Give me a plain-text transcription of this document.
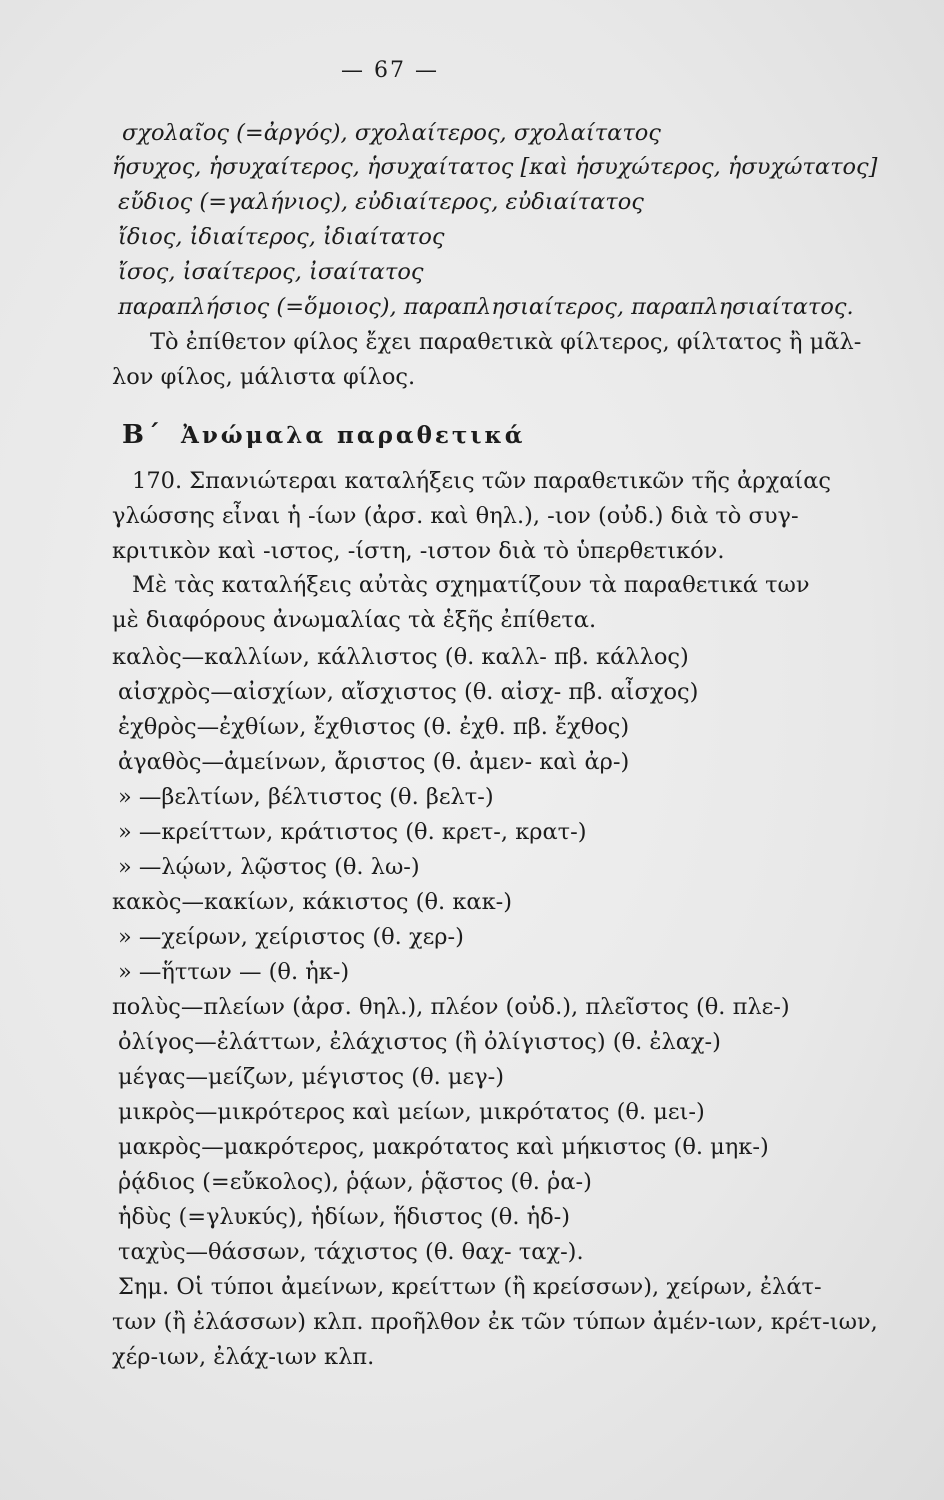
— 67 —
σχολαῖος (=ἀργός), σχολαίτερος, σχολαίτατος
ἥσυχος, ἡσυχαίτερος, ἡσυχαίτατος [καὶ ἡσυχώτερος, ἡσυχώτατος]
εὔδιος (=γαλήνιος), εὐδιαίτερος, εὐδιαίτατος
ἴδιος, ἰδιαίτερος, ἰδιαίτατος
ἴσος, ἰσαίτερος, ἰσαίτατος
παραπλήσιος (=ὅμοιος), παραπλησιαίτερος, παραπλησιαίτατος.
Τὸ ἐπίθετον φίλος ἔχει παραθετικὰ φίλτερος, φίλτατος ἢ μᾶλ-
λον φίλος, μάλιστα φίλος.
Β΄ Ἀνώμαλα παραθετικά
170. Σπανιώτεραι καταλήξεις τῶν παραθετικῶν τῆς ἀρχαίας
γλώσσης εἶναι ἡ -ίων (ἀρσ. καὶ θηλ.), -ιον (οὐδ.) διὰ τὸ συγ-
κριτικὸν καὶ -ιστος, -ίστη, -ιστον διὰ τὸ ὑπερθετικόν.
Μὲ τὰς καταλήξεις αὐτὰς σχηματίζουν τὰ παραθετικά των
μὲ διαφόρους ἀνωμαλίας τὰ ἑξῆς ἐπίθετα.
καλὸς—καλλίων, κάλλιστος (θ. καλλ- πβ. κάλλος)
αἰσχρὸς—αἰσχίων, αἴσχιστος (θ. αἰσχ- πβ. αἶσχος)
ἐχθρὸς—ἐχθίων, ἔχθιστος (θ. ἐχθ. πβ. ἔχθος)
ἀγαθὸς—ἀμείνων, ἄριστος (θ. ἀμεν- καὶ ἀρ-)
» —βελτίων, βέλτιστος (θ. βελτ-)
» —κρείττων, κράτιστος (θ. κρετ-, κρατ-)
» —λῴων, λῷστος (θ. λω-)
κακὸς—κακίων, κάκιστος (θ. κακ-)
» —χείρων, χείριστος (θ. χερ-)
» —ἥττων — (θ. ἡκ-)
πολὺς—πλείων (ἀρσ. θηλ.), πλέον (οὐδ.), πλεῖστος (θ. πλε-)
ὀλίγος—ἐλάττων, ἐλάχιστος (ἢ ὀλίγιστος) (θ. ἐλαχ-)
μέγας—μείζων, μέγιστος (θ. μεγ-)
μικρὸς—μικρότερος καὶ μείων, μικρότατος (θ. μει-)
μακρὸς—μακρότερος, μακρότατος καὶ μήκιστος (θ. μηκ-)
ῥᾴδιος (=εὔκολος), ῥᾴων, ῥᾷστος (θ. ῥα-)
ἡδὺς (=γλυκύς), ἡδίων, ἥδιστος (θ. ἡδ-)
ταχὺς—θάσσων, τάχιστος (θ. θαχ- ταχ-).
Σημ. Οἱ τύποι ἀμείνων, κρείττων (ἢ κρείσσων), χείρων, ἐλάτ-
των (ἢ ἐλάσσων) κλπ. προῆλθον ἐκ τῶν τύπων ἀμέν-ιων, κρέτ-ιων,
χέρ-ιων, ἐλάχ-ιων κλπ.
